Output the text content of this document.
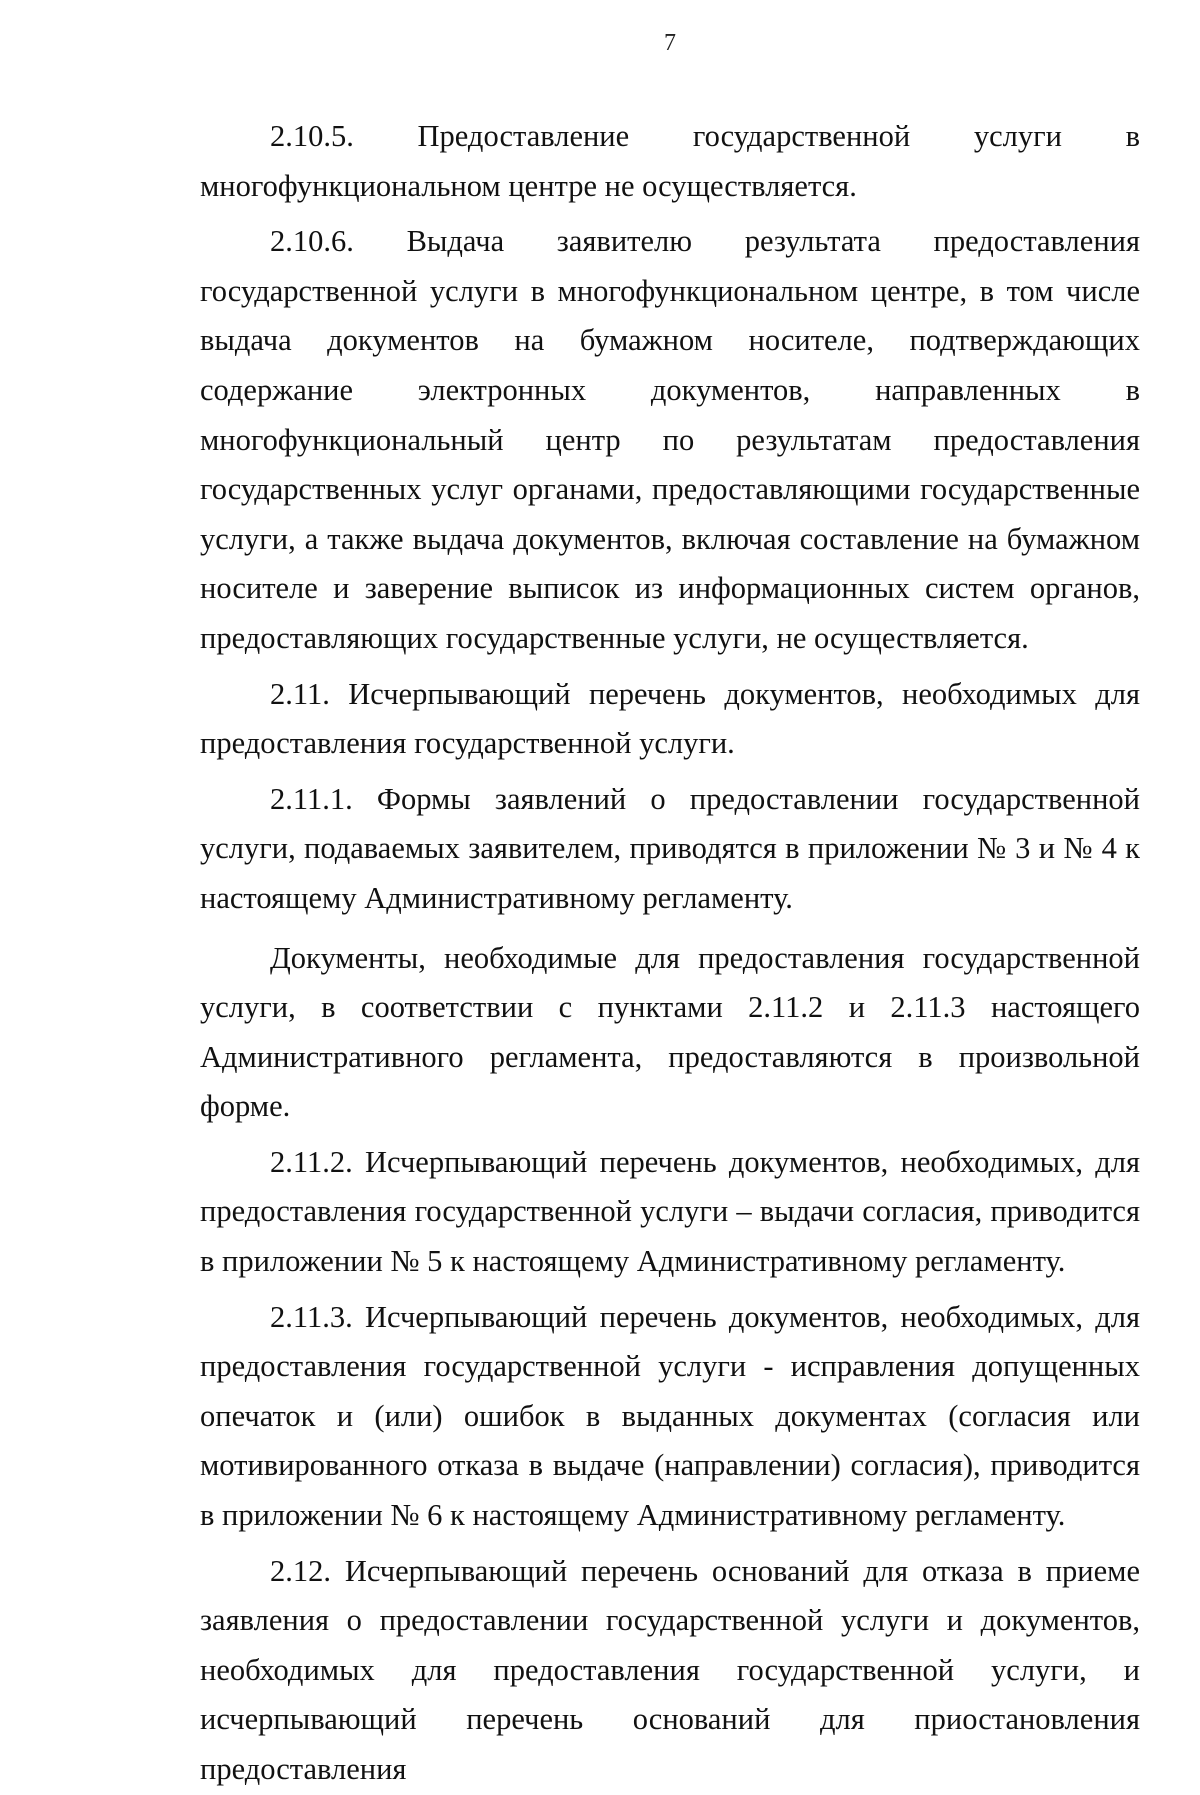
7
2.10.5. Предоставление государственной услуги в

многофункциональном центре не осуществляется.

2.10.6. Выдача заявителю результата предоставления государственной услуги в многофункциональном центре, в том числе выдача документов на бумажном носителе, подтверждающих содержание электронных документов, направленных в многофункциональный центр по результатам предоставления государственных услуг органами, предоставляющими государственные услуги, а также выдача документов, включая составление на бумажном носителе и заверение выписок из информационных систем органов, предоставляющих государственные услуги, не осуществляется.

2.11. Исчерпывающий перечень документов, необходимых для предоставления государственной услуги.

2.11.1. Формы заявлений о предоставлении государственной услуги, подаваемых заявителем, приводятся в приложении № 3 и № 4 к настоящему Административному регламенту.

Документы, необходимые для предоставления государственной услуги, в соответствии с пунктами 2.11.2 и 2.11.3 настоящего Административного регламента, предоставляются в произвольной форме.

2.11.2. Исчерпывающий перечень документов, необходимых, для предоставления государственной услуги – выдачи согласия, приводится в приложении № 5 к настоящему Административному регламенту.

2.11.3. Исчерпывающий перечень документов, необходимых, для предоставления государственной услуги - исправления допущенных опечаток и (или) ошибок в выданных документах (согласия или мотивированного отказа в выдаче (направлении) согласия), приводится в приложении № 6 к настоящему Административному регламенту.

2.12. Исчерпывающий перечень оснований для отказа в приеме заявления о предоставлении государственной услуги и документов, необходимых для предоставления государственной услуги, и исчерпывающий перечень оснований для приостановления предоставления
